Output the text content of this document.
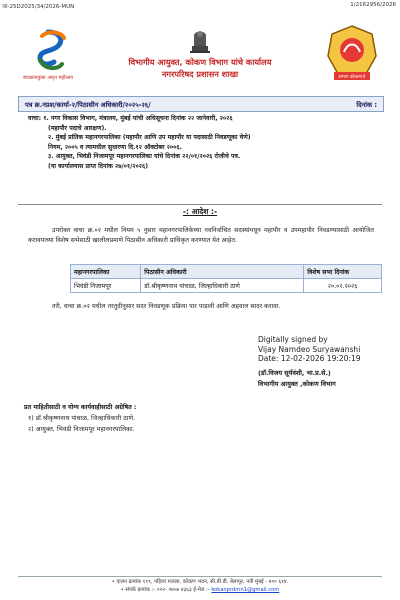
जा-25D2025/34/2026-MUN	1/2162956/2026
स्वच्छतायुक्त अमृत महोत्सव
विभागीय आयुक्त, कोकण विभाग यांचे कार्यालय
नगरपरिषद प्रशासन शाखा	संभाग कोकणाचे
पत्र क्र.नप्रश/कार्या-२/पिठासीन अधिकारी/२०२५-२६/	दिनांक :
वाचा: १. नगर विकास विभाग, मंत्रालय, मुंबई यांची अधिसूचना दिनांक २२ जानेवारी, २०२६
(महापौर पदाचे आरक्षण).
२. मुंबई प्रांतिक महानगरपालिका (महापौर आणि उप महापौर या पदासाठी निवडणूका घेणे)
नियम, २००५ व त्यामधील सुधारणा दि.१२ ऑक्टोबर २००६.
३. आयुक्त, भिवंडी निजामपूर महानगरपालिका यांचे दिनांक २२/०१/२०२६ रोजीचे पत्र.
(या कार्यालयास प्राप्त दिनांक २७/०१/२०२६)
-: आदेश :-
उपरोक्त वाचा क्र.०२ मधील नियम ५ नुसार महानगरपालिकेच्या नवनिर्वाचित सदस्यांमधून महापौर व उपमहापौर निवडण्यासाठी आयोजित करावयाच्या विशेष सभेसाठी खालीलप्रमाणे पिठासीन अधिकारी प्राधिकृत करण्यात येत आहेत.
महानगरपालिका	पिठासीन अधिकारी	विशेष सभा दिनांक
भिवंडी निजामपूर	डॉ.श्रीकृष्णनाथ पांचाळ, जिल्हाधिकारी ठाणे	२०.०२.२०२६
तरी, वाचा क्र.०२ मधील तरतुदीनुसार सदर निवडणूक प्रक्रिया पार पाडावी आणि अहवाल सादर करावा.
Digitally signed by
Vijay Namdeo Suryawanshi
Date: 12-02-2026 19:20:19
(डॉ.विजय सूर्यवंशी, भा.प्र.से.)
विभागीय आयुक्त ,कोकण विभाग
प्रत माहितीसाठी व योग्य कार्यवाहीसाठी अग्रेषित :
१) डॉ.श्रीकृष्णनाथ पांचाळ, जिल्हाधिकारी ठाणे.
२) आयुक्त, भिवंडी निजामपूर महानगरपालिका.
• दालन क्रमांक ११९, पहिला मजला, कोकण भवन, सी.बी.डी. बेलापूर, नवी मुंबई - ४०० ६१४.
• संपर्क क्रमांक :- ०२२- २७५७ ४३६३ ई-मेल :- kokanprdmn1@gmail.com
